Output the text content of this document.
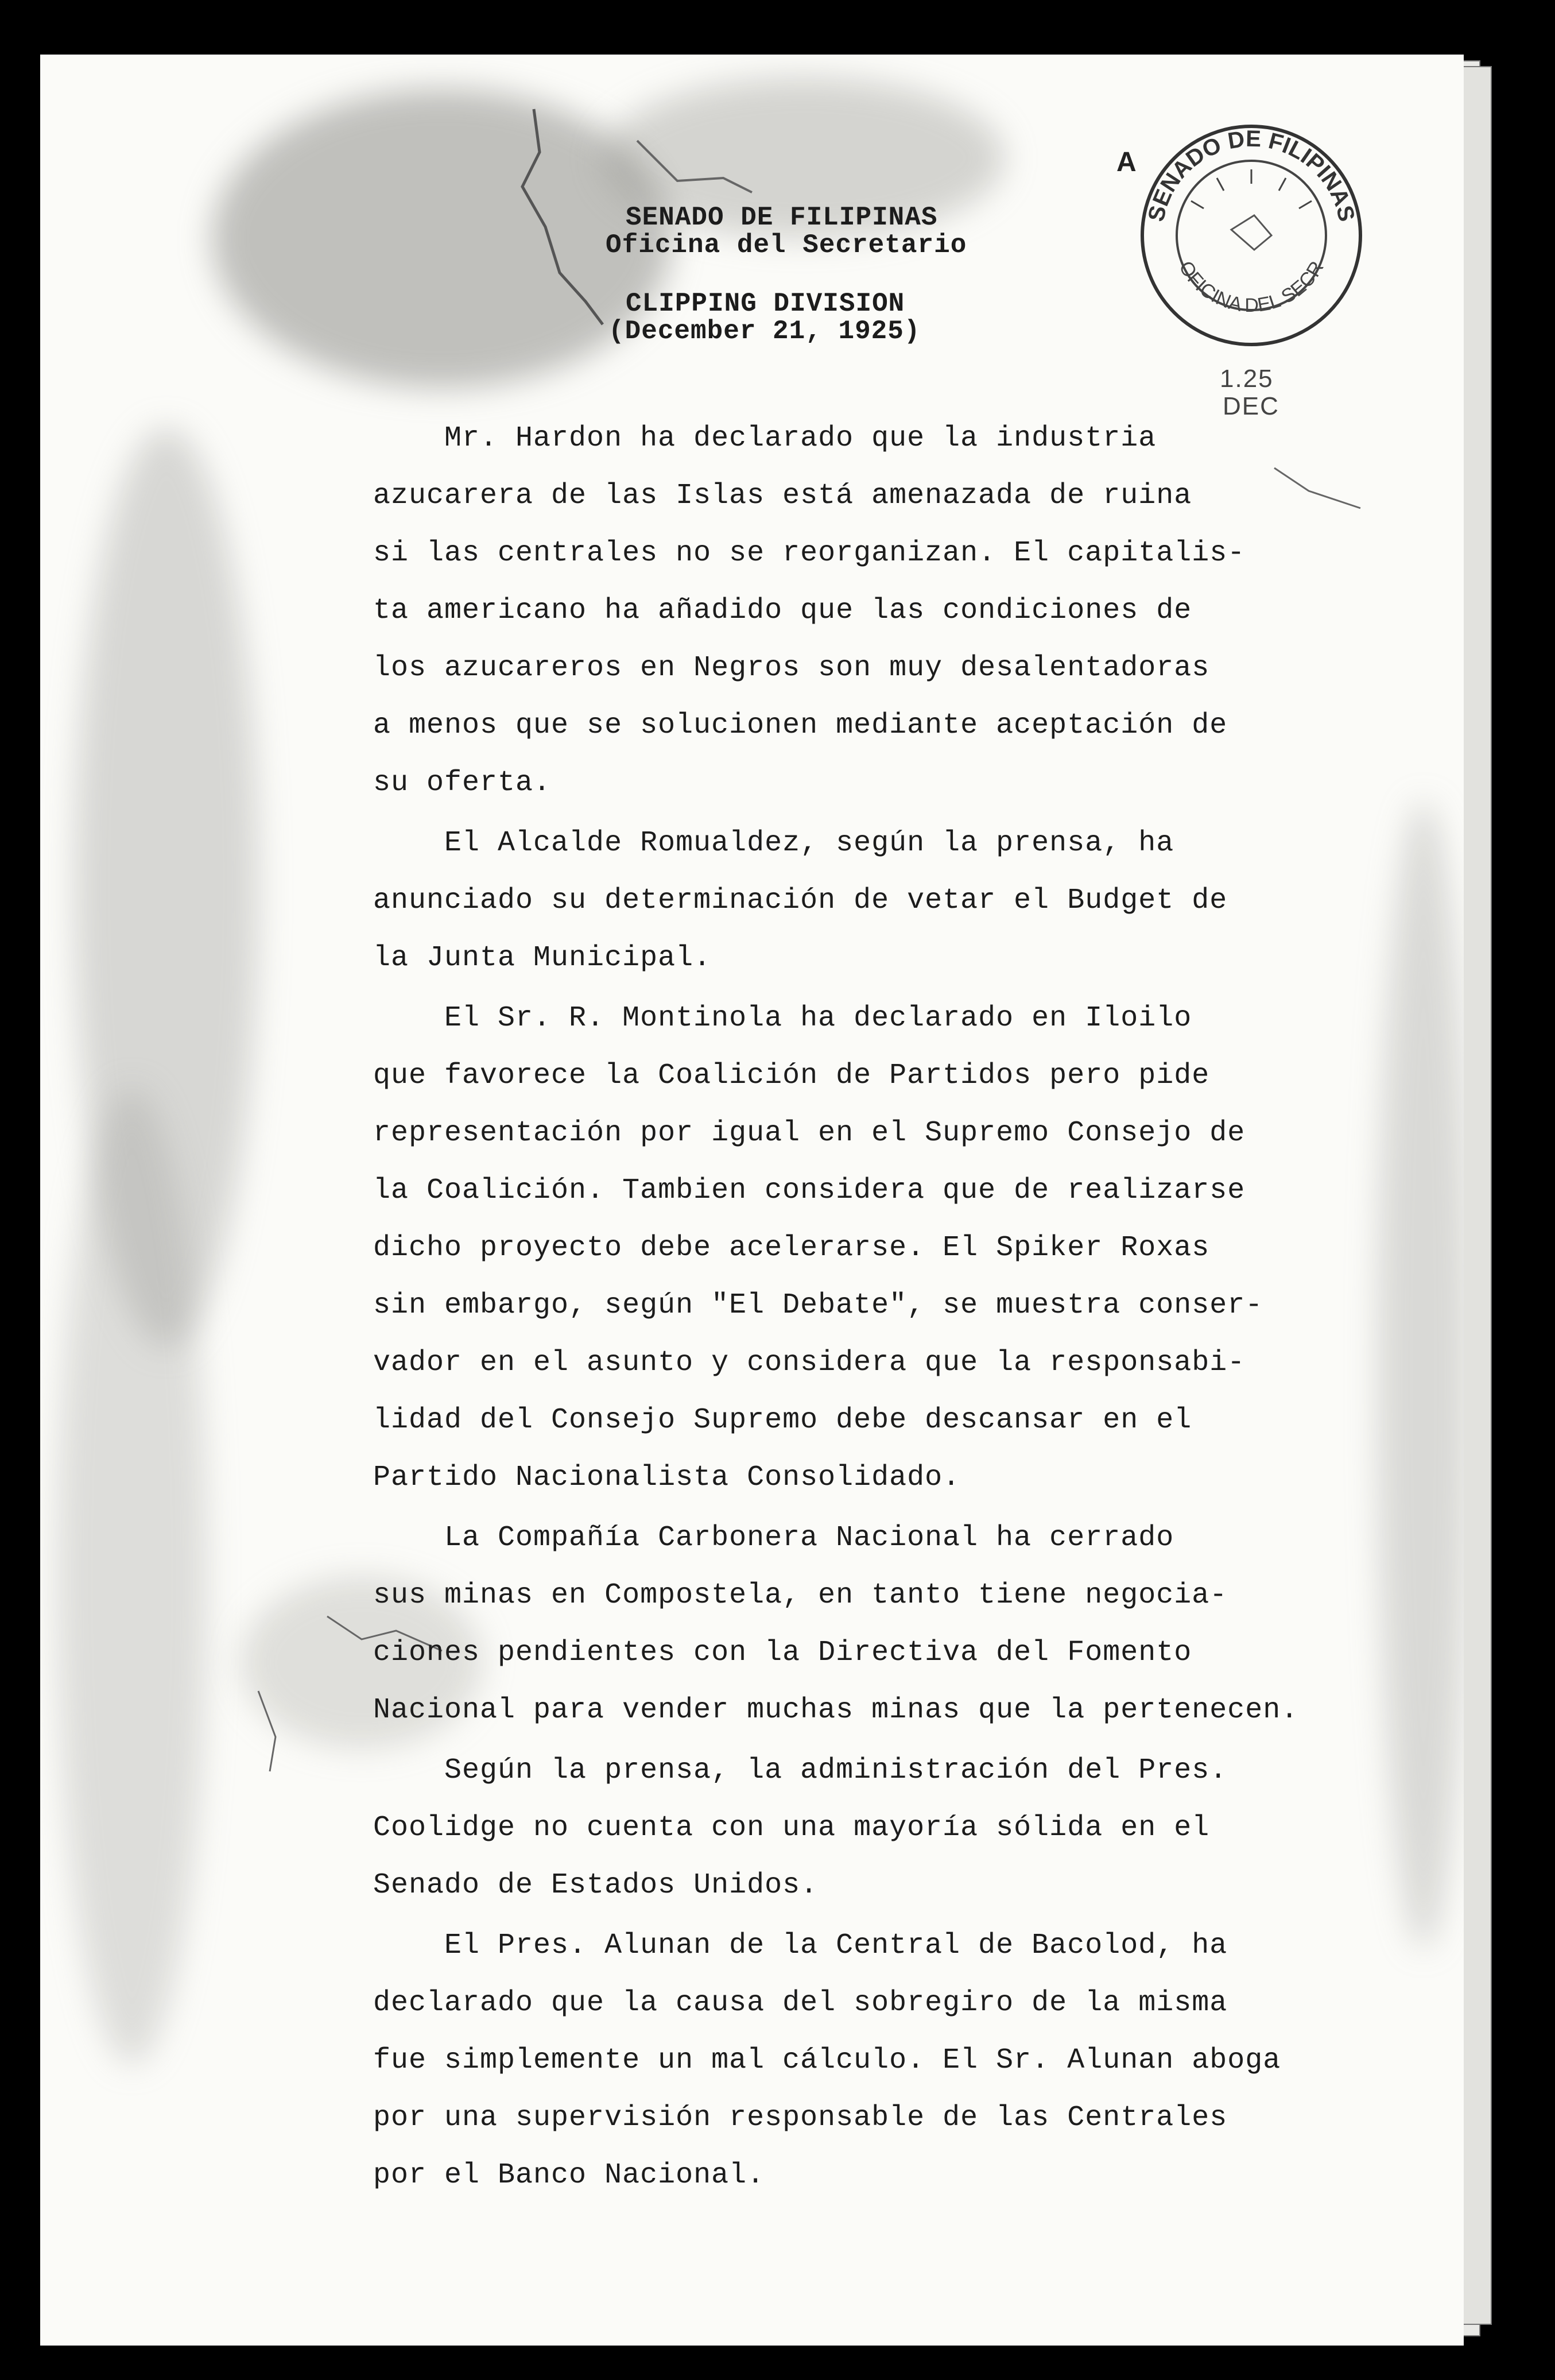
SENADO DE FILIPINAS
Oficina del Secretario
CLIPPING DIVISION
(December 21, 1925)
A
SENADO DE FILIPINAS
OFICINA DEL SECR
1.25
DEC
Mr. Hardon ha declarado que la industria
azucarera de las Islas está amenazada de ruina
si las centrales no se reorganizan. El capitalis-
ta americano ha añadido que las condiciones de
los azucareros en Negros son muy desalentadoras
a menos que se solucionen mediante aceptación de
su oferta.
El Alcalde Romualdez, según la prensa, ha
anunciado su determinación de vetar el Budget de
la Junta Municipal.
El Sr. R. Montinola ha declarado en Iloilo
que favorece la Coalición de Partidos pero pide
representación por igual en el Supremo Consejo de
la Coalición. Tambien considera que de realizarse
dicho proyecto debe acelerarse. El Spiker Roxas
sin embargo, según "El Debate", se muestra conser-
vador en el asunto y considera que la responsabi-
lidad del Consejo Supremo debe descansar en el
Partido Nacionalista Consolidado.
La Compañía Carbonera Nacional ha cerrado
sus minas en Compostela, en tanto tiene negocia-
ciones pendientes con la Directiva del Fomento
Nacional para vender muchas minas que la pertenecen.
Según la prensa, la administración del Pres.
Coolidge no cuenta con una mayoría sólida en el
Senado de Estados Unidos.
El Pres. Alunan de la Central de Bacolod, ha
declarado que la causa del sobregiro de la misma
fue simplemente un mal cálculo. El Sr. Alunan aboga
por una supervisión responsable de las Centrales
por el Banco Nacional.
